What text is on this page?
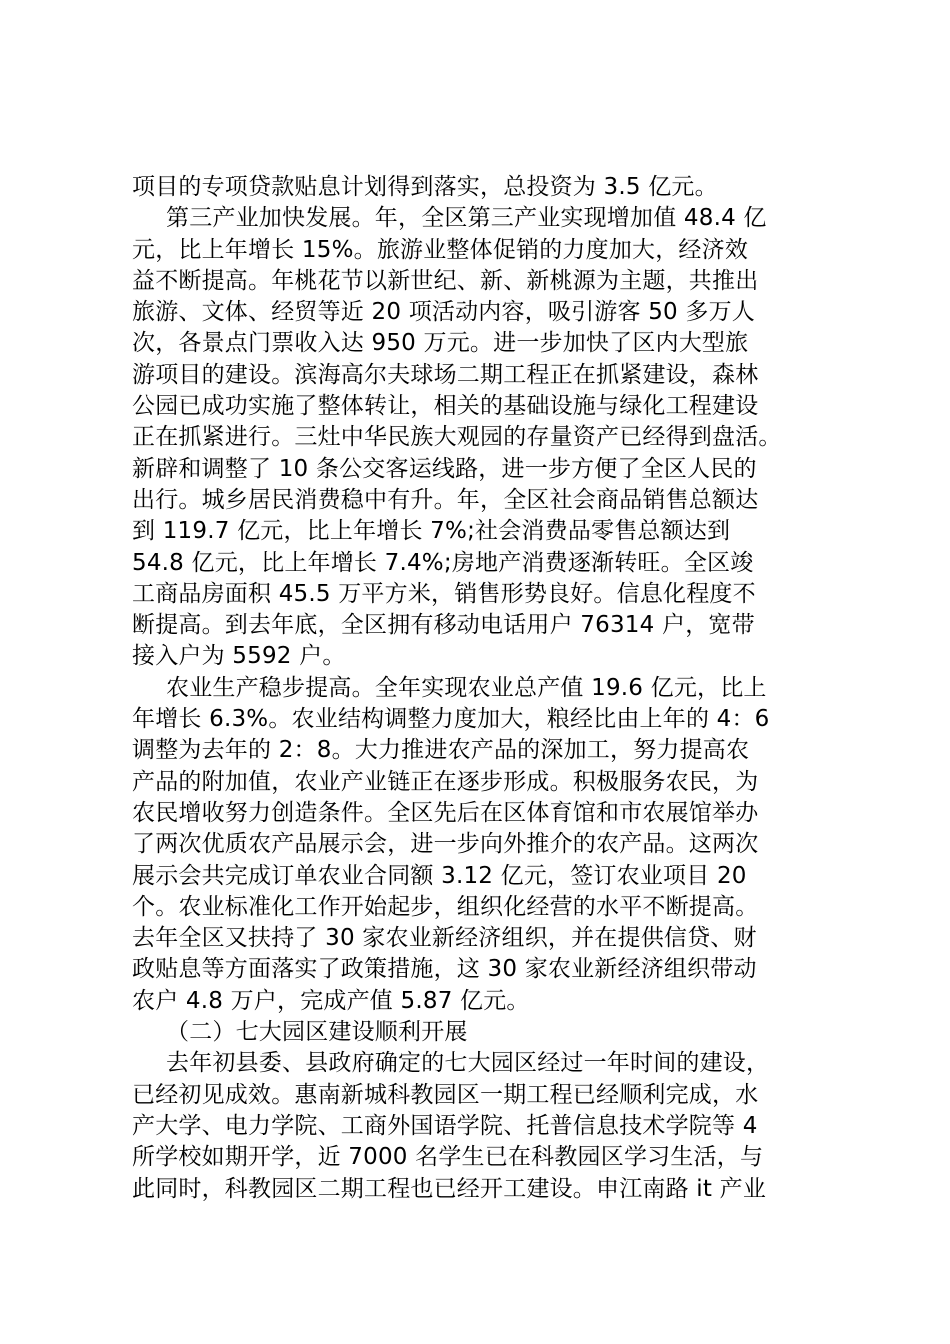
项目的专项贷款贴息计划得到落实，总投资为 3.5 亿元。
第三产业加快发展。年，全区第三产业实现增加值 48.4 亿
元，比上年增长 15%。旅游业整体促销的力度加大，经济效
益不断提高。年桃花节以新世纪、新、新桃源为主题，共推出
旅游、文体、经贸等近 20 项活动内容，吸引游客 50 多万人
次，各景点门票收入达 950 万元。进一步加快了区内大型旅
游项目的建设。滨海高尔夫球场二期工程正在抓紧建设，森林
公园已成功实施了整体转让，相关的基础设施与绿化工程建设
正在抓紧进行。三灶中华民族大观园的存量资产已经得到盘活。
新辟和调整了 10 条公交客运线路，进一步方便了全区人民的
出行。城乡居民消费稳中有升。年，全区社会商品销售总额达
到 119.7 亿元，比上年增长 7%;社会消费品零售总额达到
54.8 亿元，比上年增长 7.4%;房地产消费逐渐转旺。全区竣
工商品房面积 45.5 万平方米，销售形势良好。信息化程度不
断提高。到去年底，全区拥有移动电话用户 76314 户，宽带
接入户为 5592 户。
农业生产稳步提高。全年实现农业总产值 19.6 亿元，比上
年增长 6.3%。农业结构调整力度加大，粮经比由上年的 4：6
调整为去年的 2：8。大力推进农产品的深加工，努力提高农
产品的附加值，农业产业链正在逐步形成。积极服务农民，为
农民增收努力创造条件。全区先后在区体育馆和市农展馆举办
了两次优质农产品展示会，进一步向外推介的农产品。这两次
展示会共完成订单农业合同额 3.12 亿元，签订农业项目 20
个。农业标准化工作开始起步，组织化经营的水平不断提高。
去年全区又扶持了 30 家农业新经济组织，并在提供信贷、财
政贴息等方面落实了政策措施，这 30 家农业新经济组织带动
农户 4.8 万户，完成产值 5.87 亿元。
（二）七大园区建设顺利开展
去年初县委、县政府确定的七大园区经过一年时间的建设，
已经初见成效。惠南新城科教园区一期工程已经顺利完成，水
产大学、电力学院、工商外国语学院、托普信息技术学院等 4
所学校如期开学，近 7000 名学生已在科教园区学习生活，与
此同时，科教园区二期工程也已经开工建设。申江南路 it 产业
